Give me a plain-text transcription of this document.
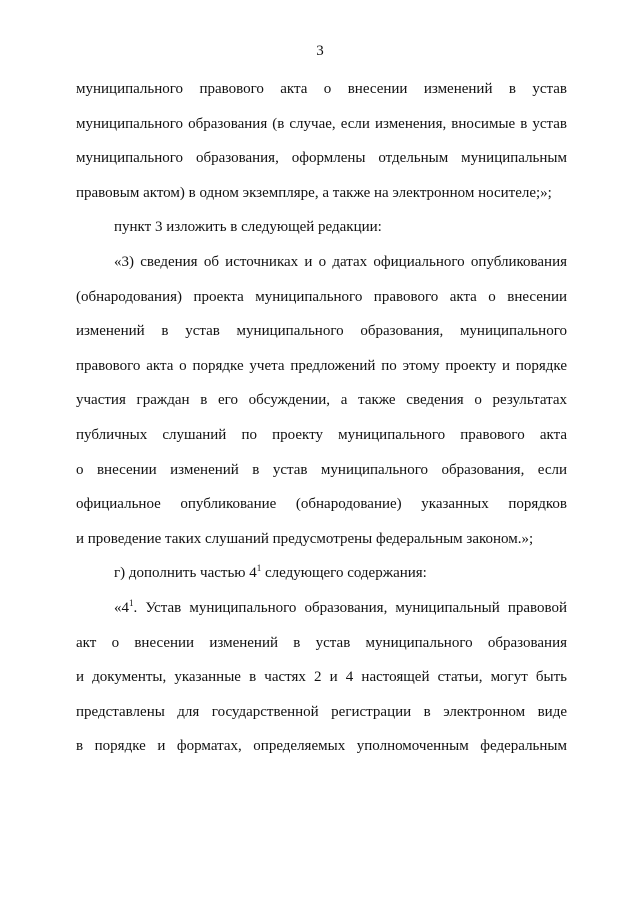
3
муниципального правового акта о внесении изменений в устав
муниципального образования (в случае, если изменения, вносимые в устав
муниципального образования, оформлены отдельным муниципальным
правовым актом) в одном экземпляре, а также на электронном носителе;»;
пункт 3 изложить в следующей редакции:
«3) сведения об источниках и о датах официального опубликования
(обнародования) проекта муниципального правового акта о внесении
изменений в устав муниципального образования, муниципального
правового акта о порядке учета предложений по этому проекту и порядке
участия граждан в его обсуждении, а также сведения о результатах
публичных слушаний по проекту муниципального правового акта
о внесении изменений в устав муниципального образования, если
официальное опубликование (обнародование) указанных порядков
и проведение таких слушаний предусмотрены федеральным законом.»;
г) дополнить частью $4^1$ следующего содержания:
«$4^1$. Устав муниципального образования, муниципальный правовой
акт о внесении изменений в устав муниципального образования
и документы, указанные в частях 2 и 4 настоящей статьи, могут быть
представлены для государственной регистрации в электронном виде
в порядке и форматах, определяемых уполномоченным федеральным
